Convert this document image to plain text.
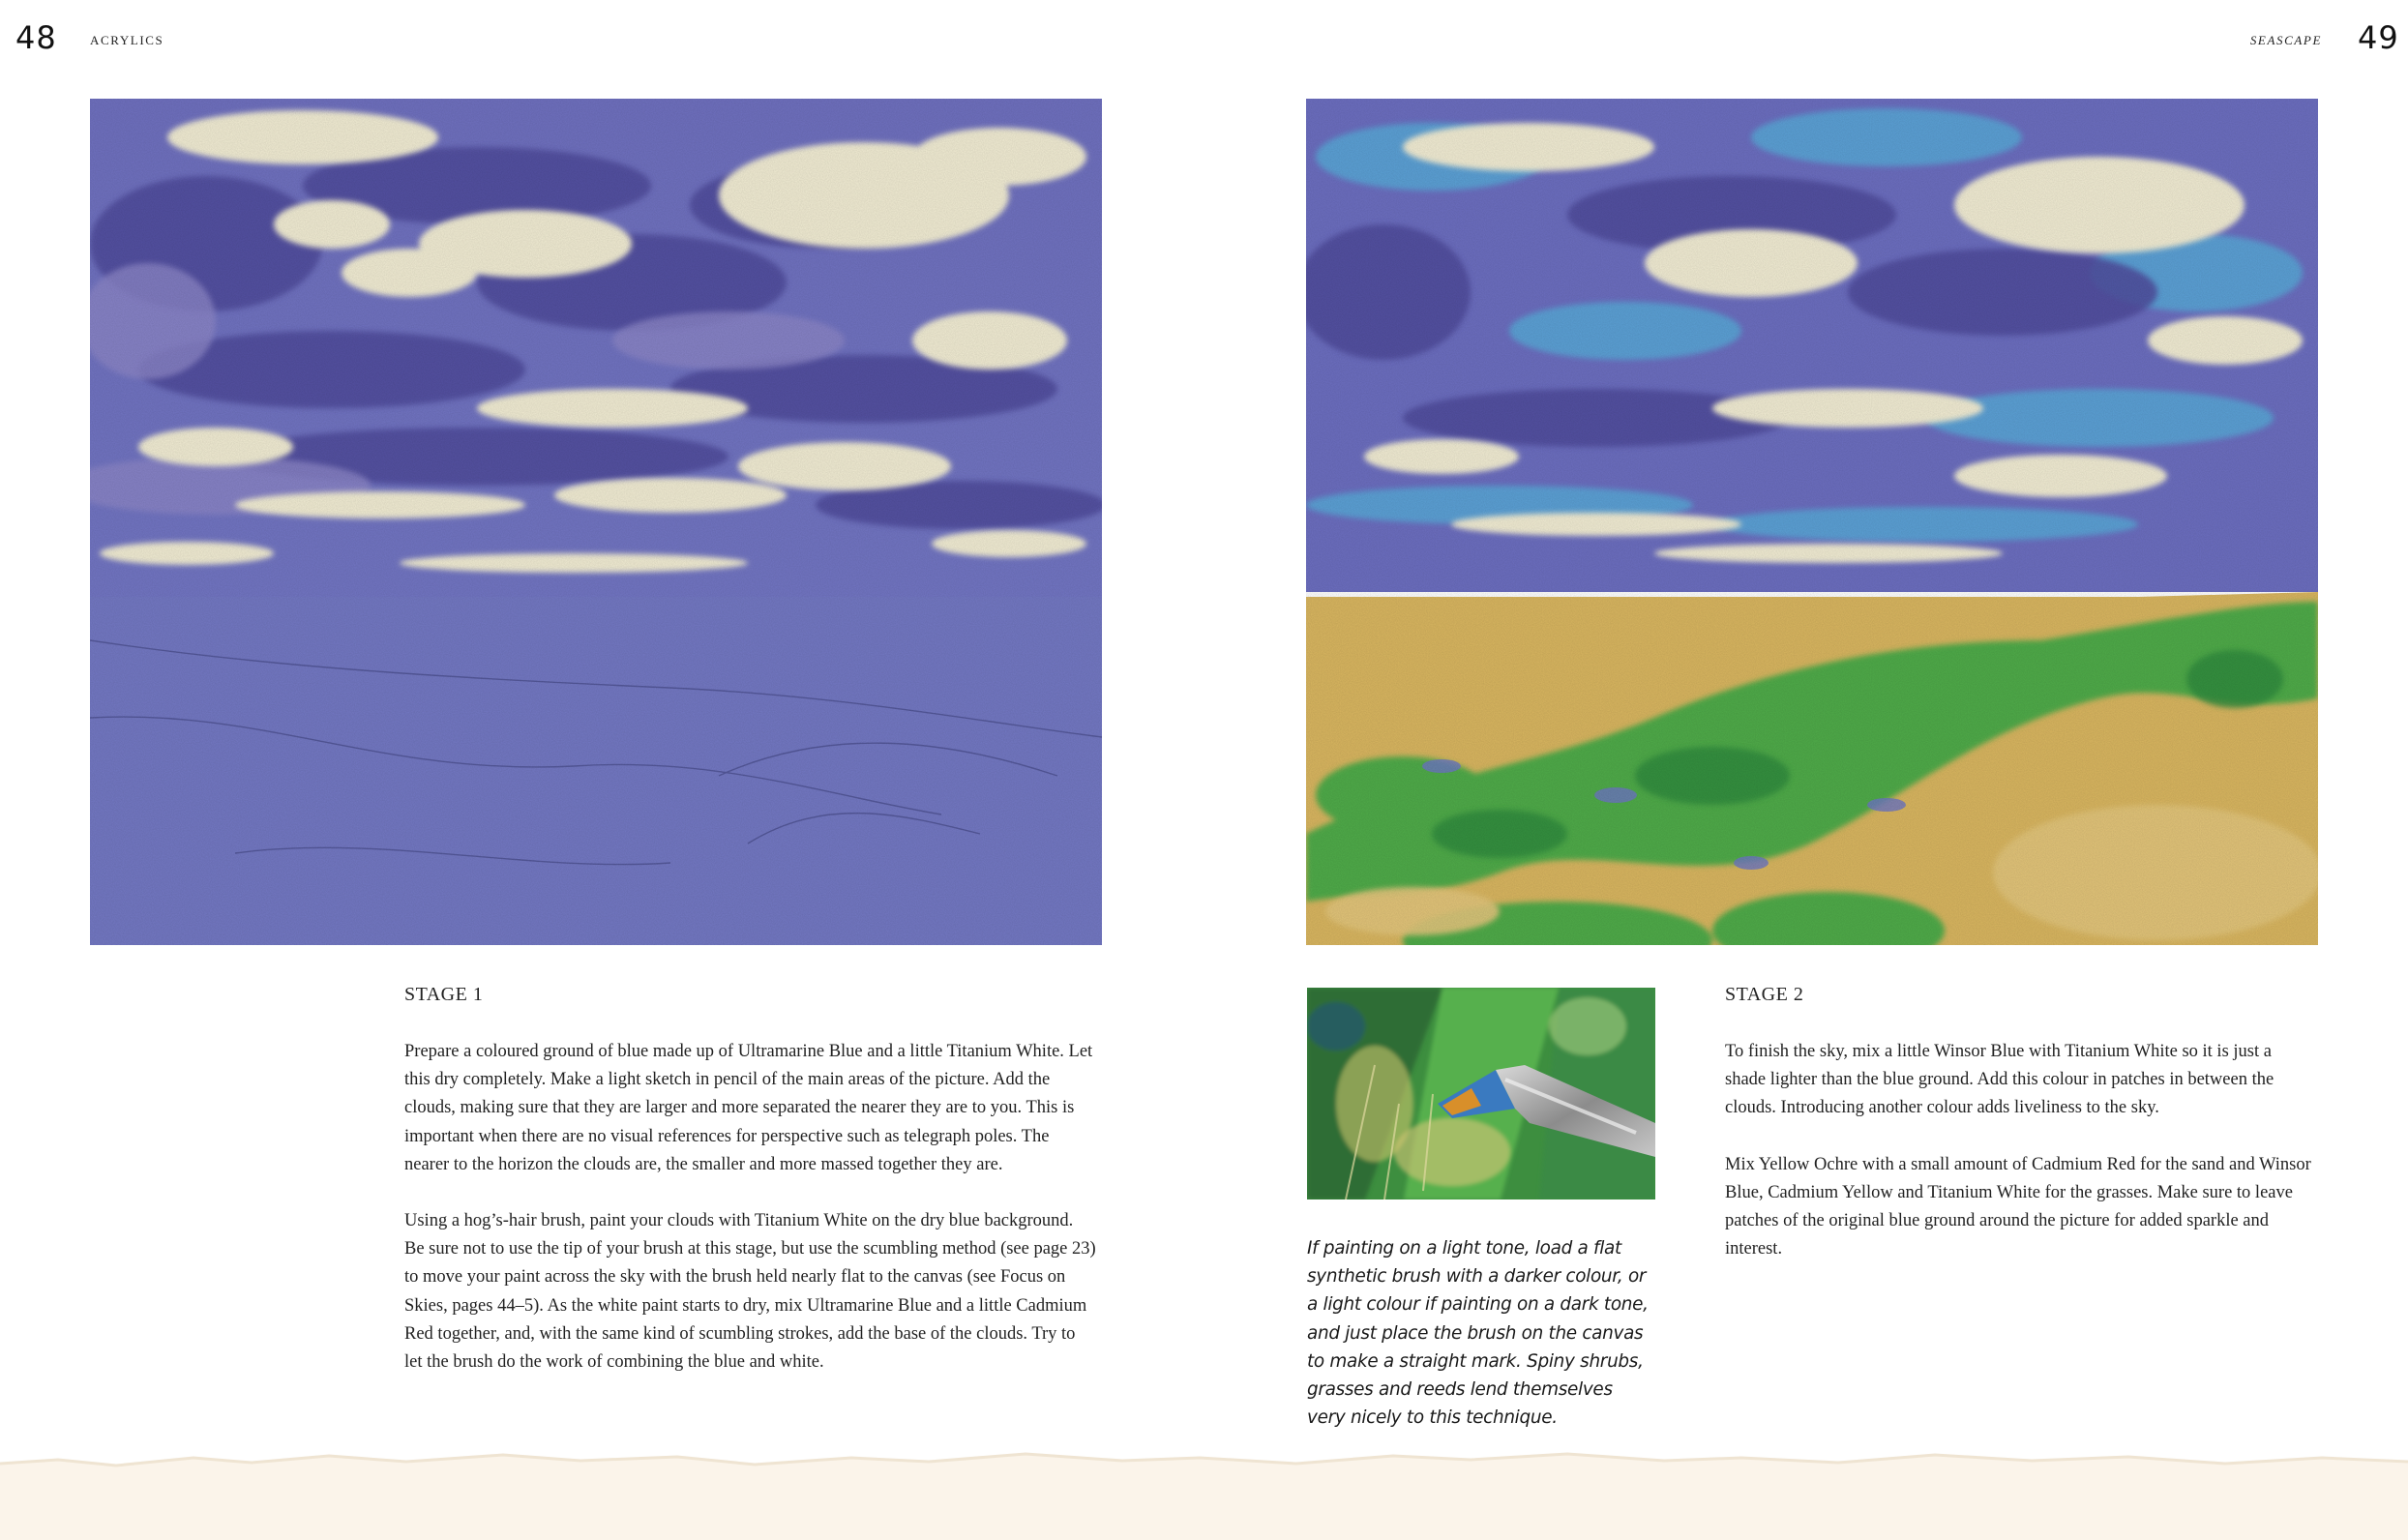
48	ACRYLICS	SEASCAPE 49
STAGE 1

Prepare a coloured ground of blue made up of Ultramarine Blue and a little Titanium White. Let this dry completely. Make a light sketch in pencil of the main areas of the picture. Add the clouds, making sure that they are larger and more separated the nearer they are to you. This is important when there are no visual references for perspective such as telegraph poles. The nearer to the horizon the clouds are, the smaller and more massed together they are.

Using a hog’s-hair brush, paint your clouds with Titanium White on the dry blue background. Be sure not to use the tip of your brush at this stage, but use the scumbling method (see page 23) to move your paint across the sky with the brush held nearly flat to the canvas (see Focus on Skies, pages 44–5). As the white paint starts to dry, mix Ultramarine Blue and a little Cadmium Red together, and, with the same kind of scumbling strokes, add the base of the clouds. Try to let the brush do the work of combining the blue and white.

If painting on a light tone, load a flat synthetic brush with a darker colour, or a light colour if painting on a dark tone, and just place the brush on the canvas to make a straight mark. Spiny shrubs, grasses and reeds lend themselves very nicely to this technique.
STAGE 2

To finish the sky, mix a little Winsor Blue with Titanium White so it is just a shade lighter than the blue ground. Add this colour in patches in between the clouds. Introducing another colour adds liveliness to the sky.

Mix Yellow Ochre with a small amount of Cadmium Red for the sand and Winsor Blue, Cadmium Yellow and Titanium White for the grasses. Make sure to leave patches of the original blue ground around the picture for added sparkle and interest.
